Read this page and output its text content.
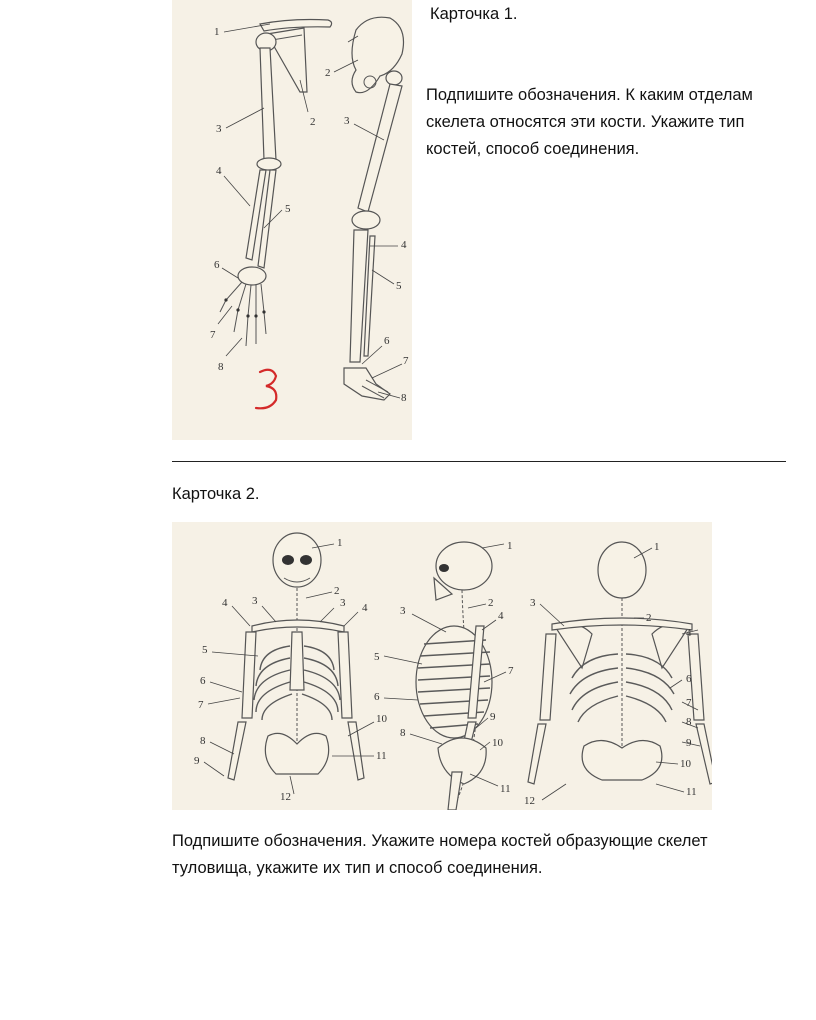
1
2
3
4
5
6
7
8
2
3
4
5
6
7
8
Карточка 1.
Подпишите обозначения. К каким отделам скелета относятся эти кости. Укажите тип костей, способ соединения.
Карточка 2.
1
2
3
4	3 4
5
6
7
8
9
10
11
12
1
2
3	4
5
6
7
8
9
10
11
1
2
3
4
6
7
8
9
10
11
12
Подпишите обозначения. Укажите номера костей образующие скелет туловища, укажите их тип и способ соединения.
